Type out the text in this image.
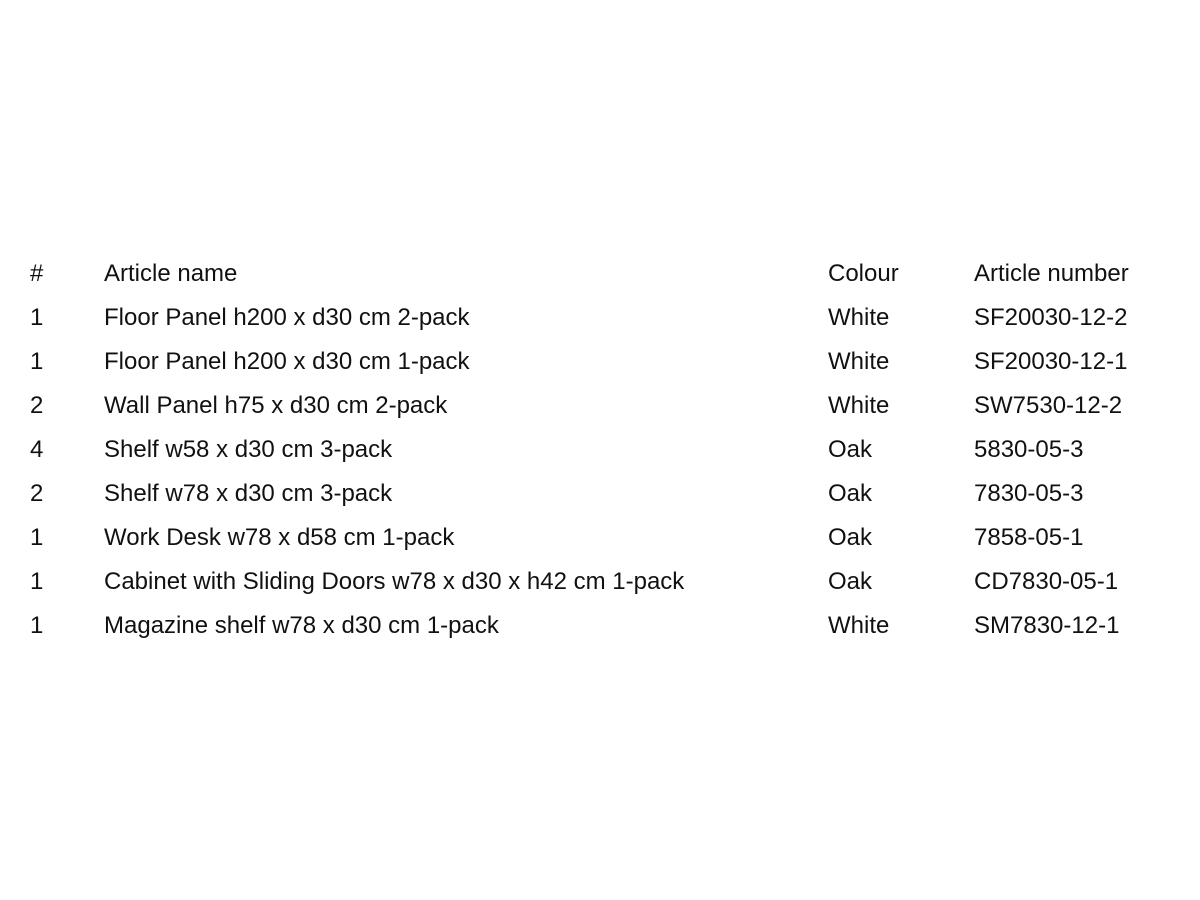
#	Article name	Colour	Article number
1	Floor Panel h200 x d30 cm 2-pack	White	SF20030-12-2
1	Floor Panel h200 x d30 cm 1-pack	White	SF20030-12-1
2	Wall Panel h75 x d30 cm 2-pack	White	SW7530-12-2
4	Shelf w58 x d30 cm 3-pack	Oak	5830-05-3
2	Shelf w78 x d30 cm 3-pack	Oak	7830-05-3
1	Work Desk w78 x d58 cm 1-pack	Oak	7858-05-1
1	Cabinet with Sliding Doors w78 x d30 x h42 cm 1-pack	Oak	CD7830-05-1
1	Magazine shelf w78 x d30 cm 1-pack	White	SM7830-12-1
